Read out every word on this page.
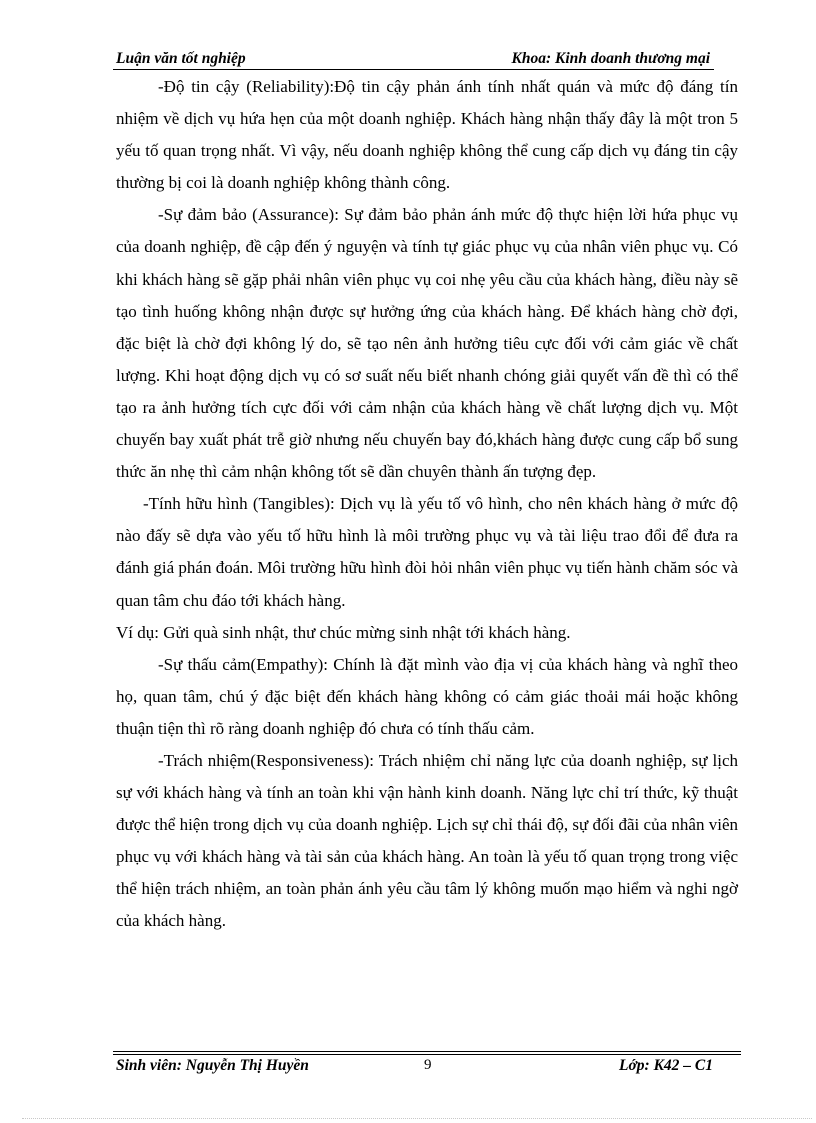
Luận văn tốt nghiệp	Khoa: Kinh doanh thương mại

-Độ tin cậy (Reliability):Độ tin cậy phản ánh tính nhất quán và mức độ đáng tín nhiệm về dịch vụ hứa hẹn của một doanh nghiệp. Khách hàng nhận thấy đây là một tron 5 yếu tố quan trọng nhất. Vì vậy, nếu doanh nghiệp không thể cung cấp dịch vụ đáng tin cậy thường bị coi là doanh nghiệp không thành công.

-Sự đảm bảo (Assurance): Sự đảm bảo phản ánh mức độ thực hiện lời hứa phục vụ của doanh nghiệp, đề cập đến ý nguyện và tính tự giác phục vụ của nhân viên phục vụ. Có khi khách hàng sẽ gặp phải nhân viên phục vụ coi nhẹ yêu cầu của khách hàng, điều này sẽ tạo tình huống không nhận được sự hưởng ứng của khách hàng. Để khách hàng chờ đợi, đặc biệt là chờ đợi không lý do, sẽ tạo nên ảnh hưởng tiêu cực đối với cảm giác về chất lượng. Khi hoạt động dịch vụ có sơ suất nếu biết nhanh chóng giải quyết vấn đề thì có thể tạo ra ảnh hưởng tích cực đối với cảm nhận của khách hàng về chất lượng dịch vụ. Một chuyến bay xuất phát trễ giờ nhưng nếu chuyến bay đó,khách hàng được cung cấp bổ sung thức ăn nhẹ thì cảm nhận không tốt sẽ dần chuyên thành ấn tượng đẹp.

-Tính hữu hình (Tangibles): Dịch vụ là yếu tố vô hình, cho nên khách hàng ở mức độ nào đấy sẽ dựa vào yếu tố hữu hình là môi trường phục vụ và tài liệu trao đổi để đưa ra đánh giá phán đoán. Môi trường hữu hình đòi hỏi nhân viên phục vụ tiến hành chăm sóc và quan tâm chu đáo tới khách hàng.

Ví dụ: Gửi quà sinh nhật, thư chúc mừng sinh nhật tới khách hàng.

-Sự thấu cảm(Empathy): Chính là đặt mình vào địa vị của khách hàng và nghĩ theo họ, quan tâm, chú ý đặc biệt đến khách hàng không có cảm giác thoải mái hoặc không thuận tiện thì rõ ràng doanh nghiệp đó chưa có tính thấu cảm.

-Trách nhiệm(Responsiveness): Trách nhiệm chỉ năng lực của doanh nghiệp, sự lịch sự với khách hàng và tính an toàn khi vận hành kinh doanh. Năng lực chỉ trí thức, kỹ thuật được thể hiện trong dịch vụ của doanh nghiệp. Lịch sự chỉ thái độ, sự đối đãi của nhân viên phục vụ với khách hàng và tài sản của khách hàng. An toàn là yếu tố quan trọng trong việc thể hiện trách nhiệm, an toàn phản ánh yêu cầu tâm lý không muốn mạo hiểm và nghi ngờ của khách hàng.

Sinh viên: Nguyễn Thị Huyền	9	Lớp: K42 – C1
